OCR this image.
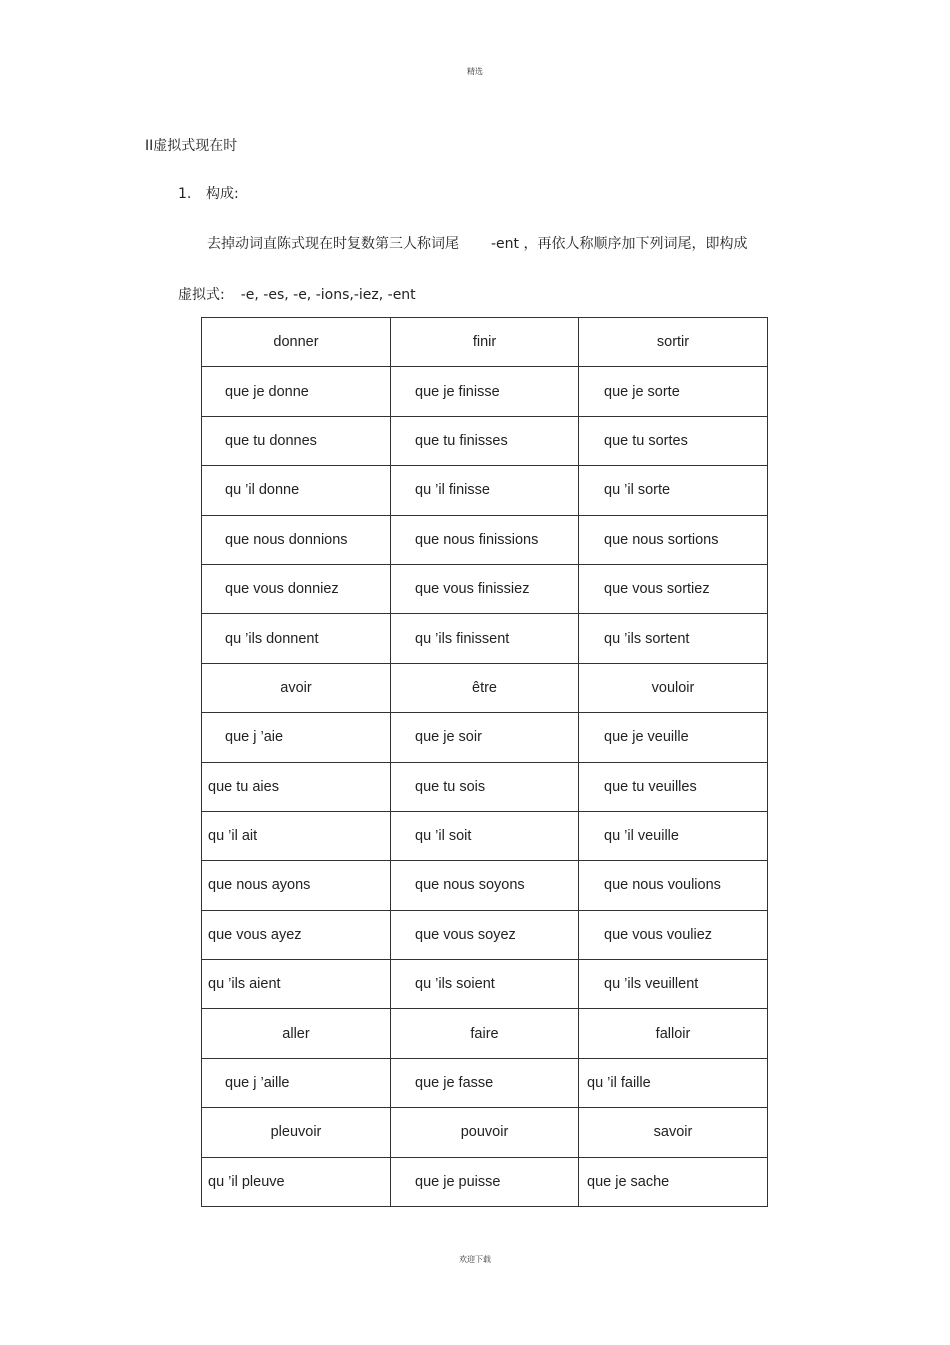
精选
II虚拟式现在时
1. 构成:
去掉动词直陈式现在时复数第三人称词尾 -ent ，再依人称顺序加下列词尾，即构成
虚拟式: -e, -es, -e, -ions,-iez, -ent
donner	finir	sortir
que je donne	que je finisse	que je sorte
que tu donnes	que tu finisses	que tu sortes
qu ’il donne	qu ’il finisse	qu ’il sorte
que nous donnions	que nous finissions	que nous sortions
que vous donniez	que vous finissiez	que vous sortiez
qu ’ils donnent	qu ’ils finissent	qu ’ils sortent
avoir	être	vouloir
que j ’aie	que je soir	que je veuille
que tu aies	que tu sois	que tu veuilles
qu ’il ait	qu ’il soit	qu ’il veuille
que nous ayons	que nous soyons	que nous voulions
que vous ayez	que vous soyez	que vous vouliez
qu ’ils aient	qu ’ils soient	qu ’ils veuillent
aller	faire	falloir
que j ’aille	que je fasse	qu ’il faille
pleuvoir	pouvoir	savoir
qu ’il pleuve	que je puisse	que je sache
欢迎下载
